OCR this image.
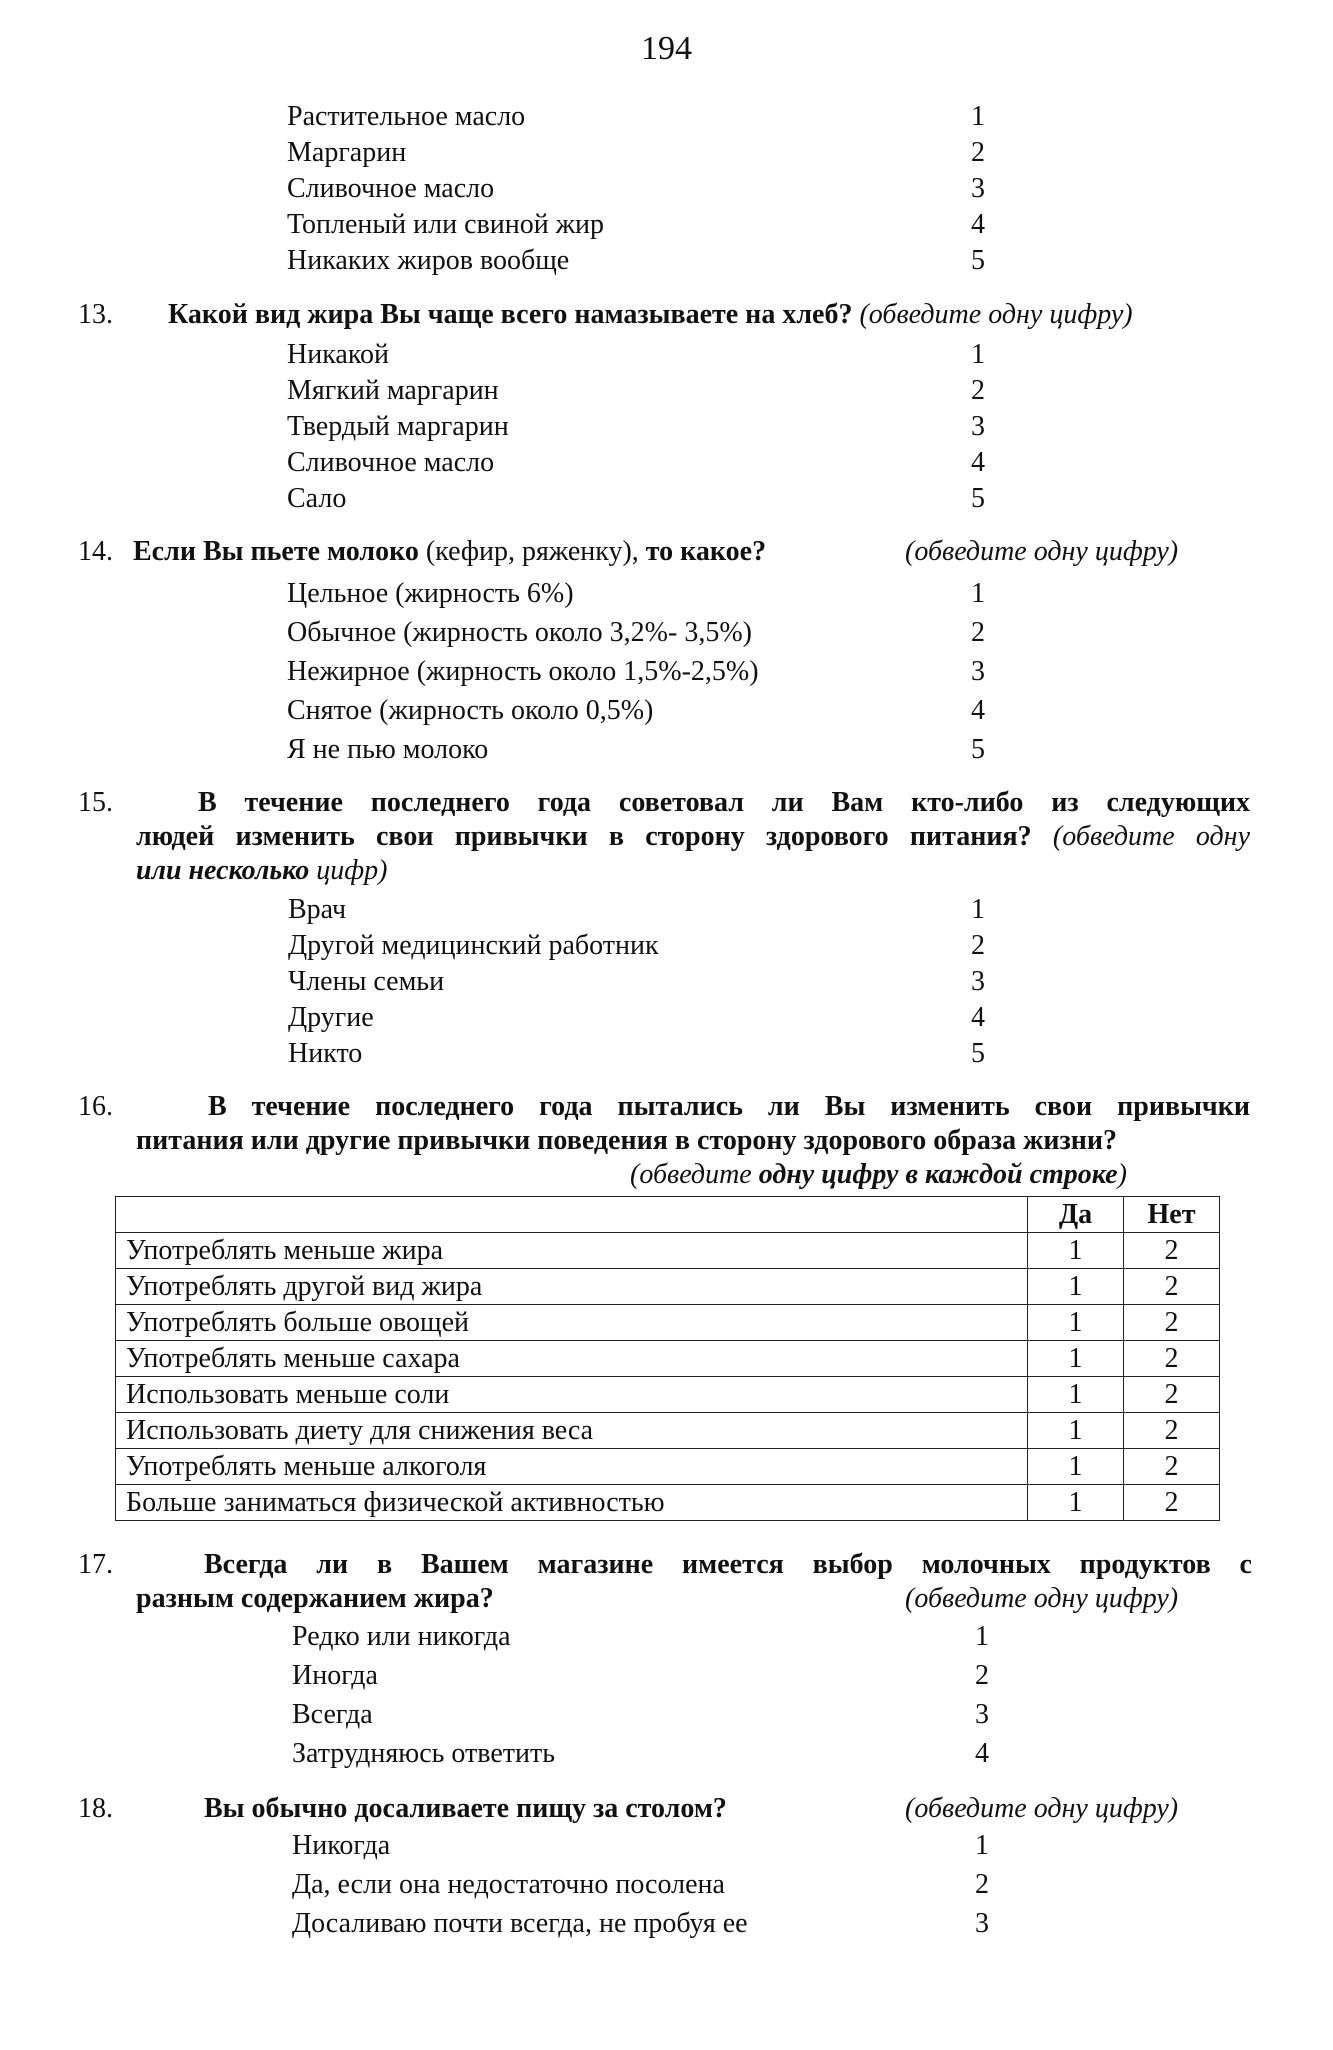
194
Растительное масло	1
Маргарин	2
Сливочное масло	3
Топленый или свиной жир	4
Никаких жиров вообще	5
13. Какой вид жира Вы чаще всего намазываете на хлеб? (обведите одну цифру)
Никакой	1
Мягкий маргарин	2
Твердый маргарин	3
Сливочное масло	4
Сало	5
14. Если Вы пьете молоко (кефир, ряженку), то какое?	(обведите одну цифру)
Цельное (жирность 6%)	1
Обычное (жирность около 3,2%- 3,5%)	2
Нежирное (жирность около 1,5%-2,5%)	3
Снятое (жирность около 0,5%)	4
Я не пью молоко	5
15.	В течение последнего года советовал ли Вам кто-либо из следующих
людей изменить свои привычки в сторону здорового питания? (обведите одну
или несколько цифр)
Врач	1
Другой медицинский работник	2
Члены семьи	3
Другие	4
Никто	5
16.	В течение последнего года пытались ли Вы изменить свои привычки
питания или другие привычки поведения в сторону здорового образа жизни?
(обведите одну цифру в каждой строке)
	Да	Нет
Употреблять меньше жира	1	2
Употреблять другой вид жира	1	2
Употреблять больше овощей	1	2
Употреблять меньше сахара	1	2
Использовать меньше соли	1	2
Использовать диету для снижения веса	1	2
Употреблять меньше алкоголя	1	2
Больше заниматься физической активностью	1	2
17.	Всегда ли в Вашем магазине имеется выбор молочных продуктов с
разным содержанием жира?	(обведите одну цифру)
Редко или никогда	1
Иногда	2
Всегда	3
Затрудняюсь ответить	4
18.	Вы обычно досаливаете пищу за столом?	(обведите одну цифру)
Никогда	1
Да, если она недостаточно посолена	2
Досаливаю почти всегда, не пробуя ее	3
